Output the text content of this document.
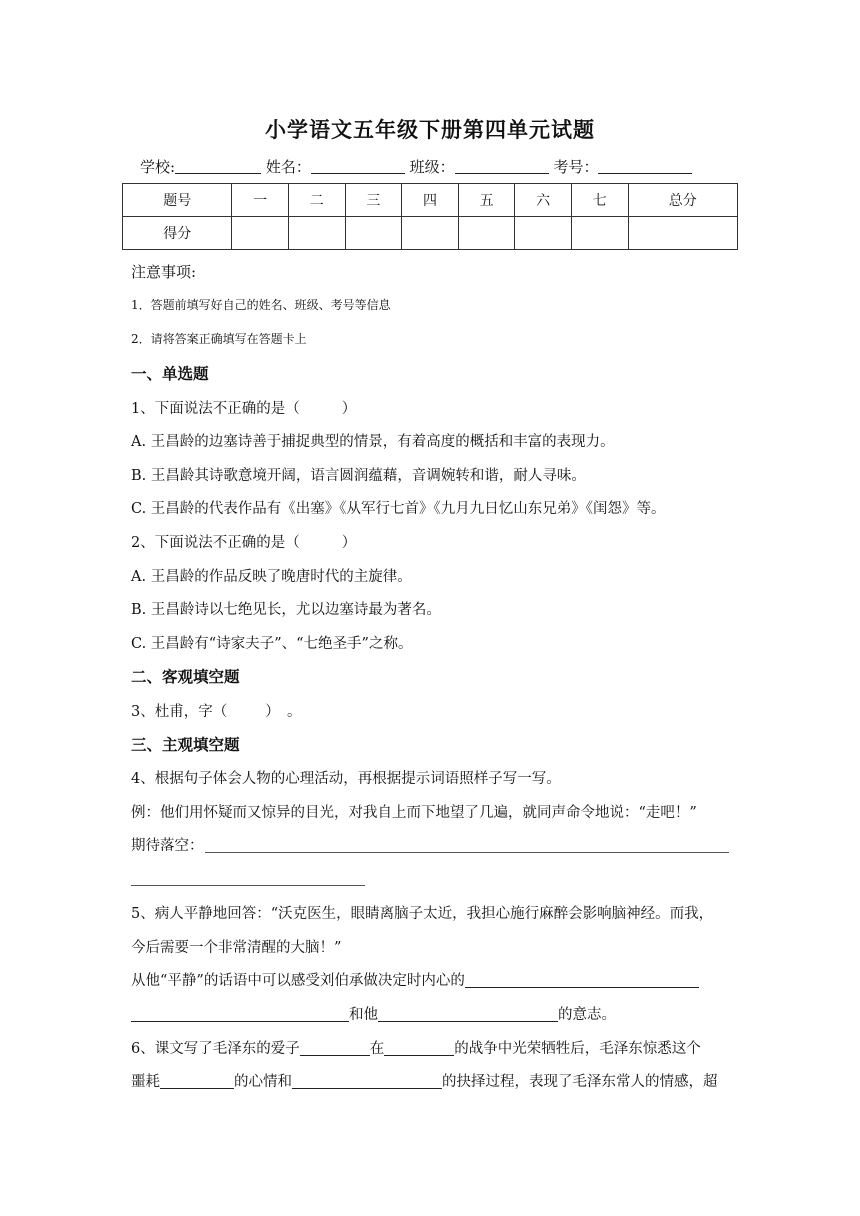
小学语文五年级下册第四单元试题
学校:	姓名：	班级：	考号：
题号	一	二	三	四	五	六	七	总分
得分								
注意事项:
1．答题前填写好自己的姓名、班级、考号等信息
2．请将答案正确填写在答题卡上
一、单选题
1、下面说法不正确的是（	）
A. 王昌龄的边塞诗善于捕捉典型的情景，有着高度的概括和丰富的表现力。
B. 王昌龄其诗歌意境开阔，语言圆润蕴藉，音调婉转和谐，耐人寻味。
C. 王昌龄的代表作品有《出塞》《从军行七首》《九月九日忆山东兄弟》《闺怨》等。
2、下面说法不正确的是（	）
A. 王昌龄的作品反映了晚唐时代的主旋律。
B. 王昌龄诗以七绝见长，尤以边塞诗最为著名。
C. 王昌龄有“诗家夫子”、“七绝圣手”之称。
二、客观填空题
3、杜甫，字（	）　。
三、主观填空题
4、根据句子体会人物的心理活动，再根据提示词语照样子写一写。
例：他们用怀疑而又惊异的目光，对我自上而下地望了几遍，就同声命令地说：“走吧！”
期待落空：
5、病人平静地回答：“沃克医生，眼睛离脑子太近，我担心施行麻醉会影响脑神经。而我，
今后需要一个非常清醒的大脑！”
从他“平静”的话语中可以感受刘伯承做决定时内心的
和他	的意志。
6、课文写了毛泽东的爱子	在	的战争中光荣牺牲后，毛泽东惊悉这个
噩耗	的心情和	的抉择过程，表现了毛泽东常人的情感，超
